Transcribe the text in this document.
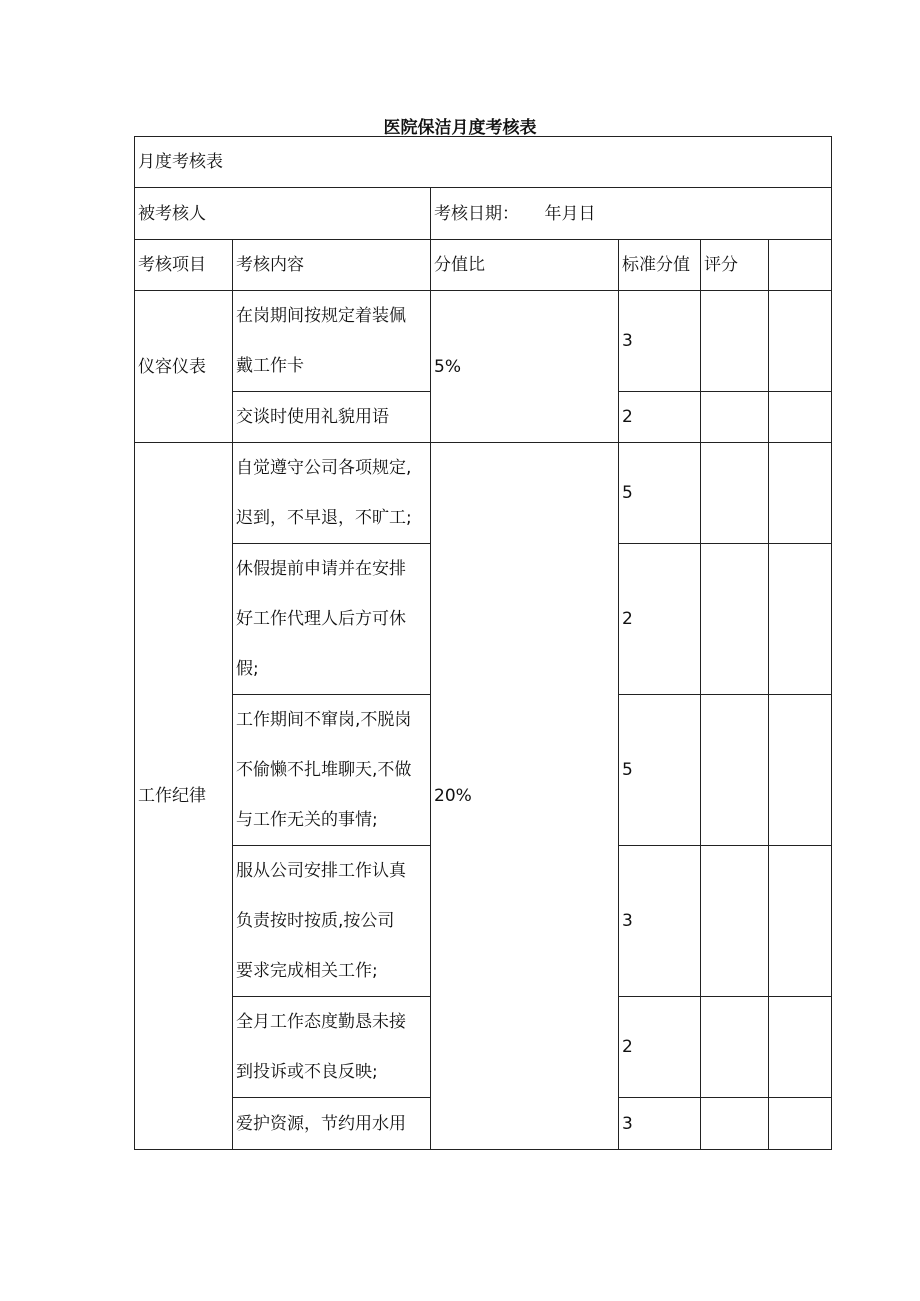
医院保洁月度考核表
月度考核表					
被考核人		考核日期：　　年月日			
考核项目	考核内容	分值比	标准分值	评分	
仪容仪表	在岗期间按规定着装佩
戴工作卡	5%	3		

	交谈时使用礼貌用语		2		
工作纪律	自觉遵守公司各项规定,
迟到，不早退，不旷工;	20%	5		

	休假提前申请并在安排
好工作代理人后方可休
假;		2		

	工作期间不窜岗,不脱岗
不偷懒不扎堆聊天,不做
与工作无关的事情;		5		

	服从公司安排工作认真
负责按时按质,按公司
要求完成相关工作;		3		

	全月工作态度勤恳未接
到投诉或不良反映;		2		

	爱护资源，节约用水用		3		
